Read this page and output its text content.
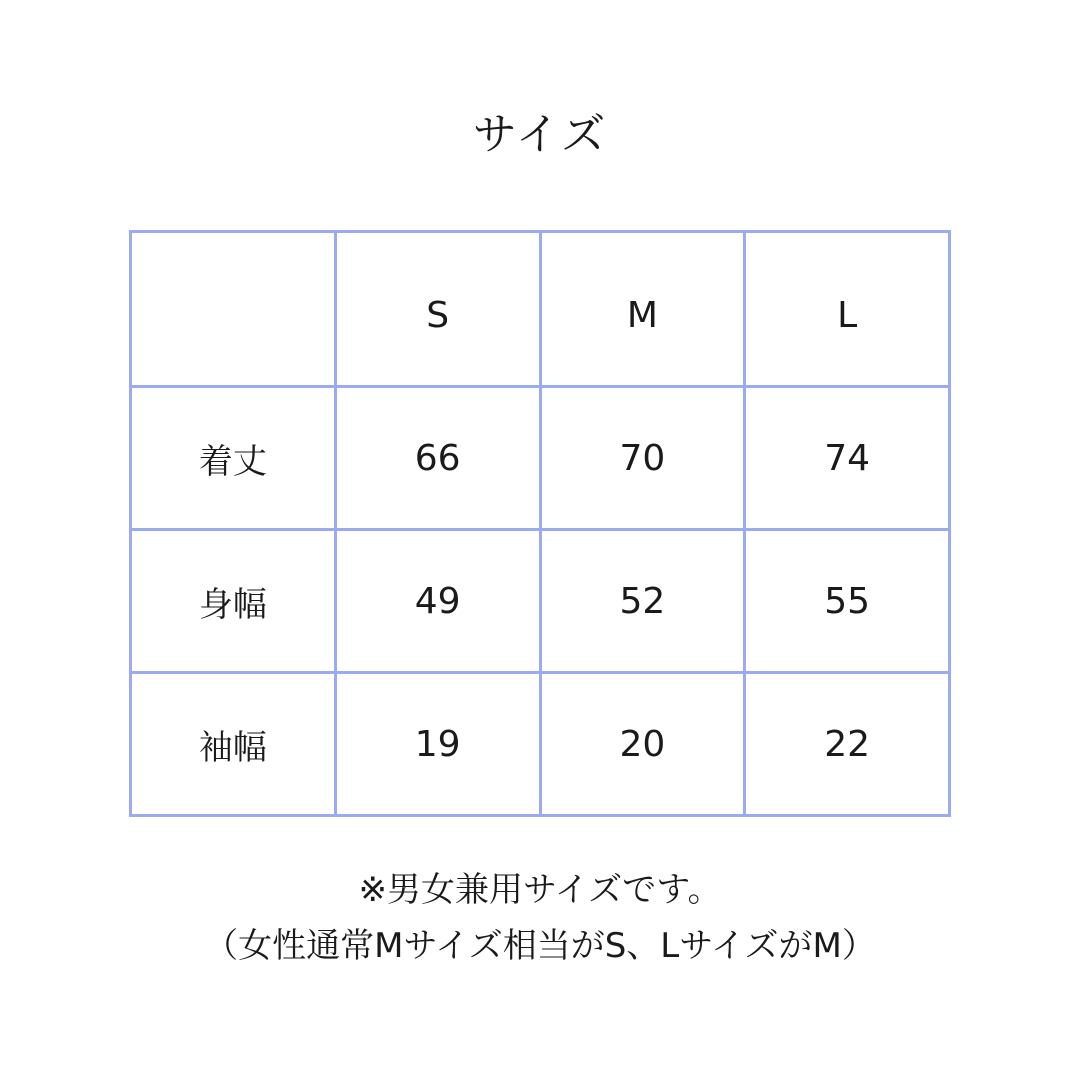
サイズ
	S	M	L
着丈	66	70	74
身幅	49	52	55
袖幅	19	20	22
※男女兼用サイズです。
（女性通常Mサイズ相当がS、LサイズがM）
